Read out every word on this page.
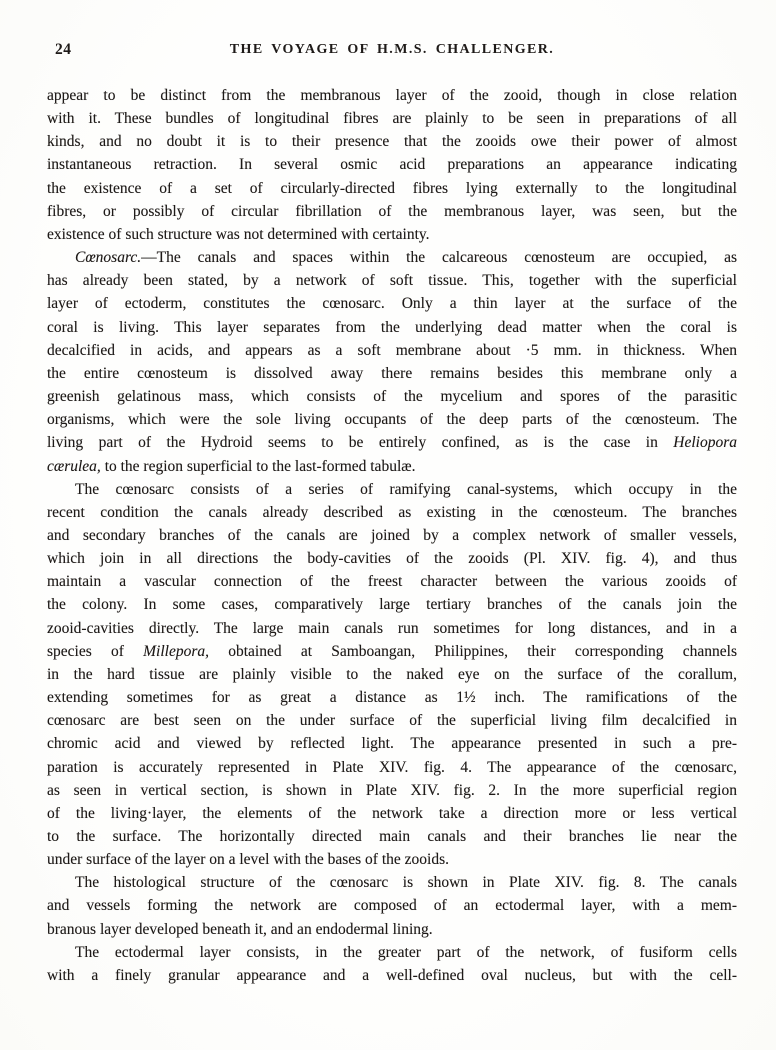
24	THE VOYAGE OF H.M.S. CHALLENGER.
appear to be distinct from the membranous layer of the zooid, though in close relation
with it. These bundles of longitudinal fibres are plainly to be seen in preparations of all
kinds, and no doubt it is to their presence that the zooids owe their power of almost
instantaneous retraction. In several osmic acid preparations an appearance indicating
the existence of a set of circularly-directed fibres lying externally to the longitudinal
fibres, or possibly of circular fibrillation of the membranous layer, was seen, but the
existence of such structure was not determined with certainty.
Cœnosarc.—The canals and spaces within the calcareous cœnosteum are occupied, as
has already been stated, by a network of soft tissue. This, together with the superficial
layer of ectoderm, constitutes the cœnosarc. Only a thin layer at the surface of the
coral is living. This layer separates from the underlying dead matter when the coral is
decalcified in acids, and appears as a soft membrane about ·5 mm. in thickness. When
the entire cœnosteum is dissolved away there remains besides this membrane only a
greenish gelatinous mass, which consists of the mycelium and spores of the parasitic
organisms, which were the sole living occupants of the deep parts of the cœnosteum. The
living part of the Hydroid seems to be entirely confined, as is the case in Heliopora
cærulea, to the region superficial to the last-formed tabulæ.
The cœnosarc consists of a series of ramifying canal-systems, which occupy in the
recent condition the canals already described as existing in the cœnosteum. The branches
and secondary branches of the canals are joined by a complex network of smaller vessels,
which join in all directions the body-cavities of the zooids (Pl. XIV. fig. 4), and thus
maintain a vascular connection of the freest character between the various zooids of
the colony. In some cases, comparatively large tertiary branches of the canals join the
zooid-cavities directly. The large main canals run sometimes for long distances, and in a
species of Millepora, obtained at Samboangan, Philippines, their corresponding channels
in the hard tissue are plainly visible to the naked eye on the surface of the corallum,
extending sometimes for as great a distance as 1½ inch. The ramifications of the
cœnosarc are best seen on the under surface of the superficial living film decalcified in
chromic acid and viewed by reflected light. The appearance presented in such a pre-
paration is accurately represented in Plate XIV. fig. 4. The appearance of the cœnosarc,
as seen in vertical section, is shown in Plate XIV. fig. 2. In the more superficial region
of the living·layer, the elements of the network take a direction more or less vertical
to the surface. The horizontally directed main canals and their branches lie near the
under surface of the layer on a level with the bases of the zooids.
The histological structure of the cœnosarc is shown in Plate XIV. fig. 8. The canals
and vessels forming the network are composed of an ectodermal layer, with a mem-
branous layer developed beneath it, and an endodermal lining.
The ectodermal layer consists, in the greater part of the network, of fusiform cells
with a finely granular appearance and a well-defined oval nucleus, but with the cell-
